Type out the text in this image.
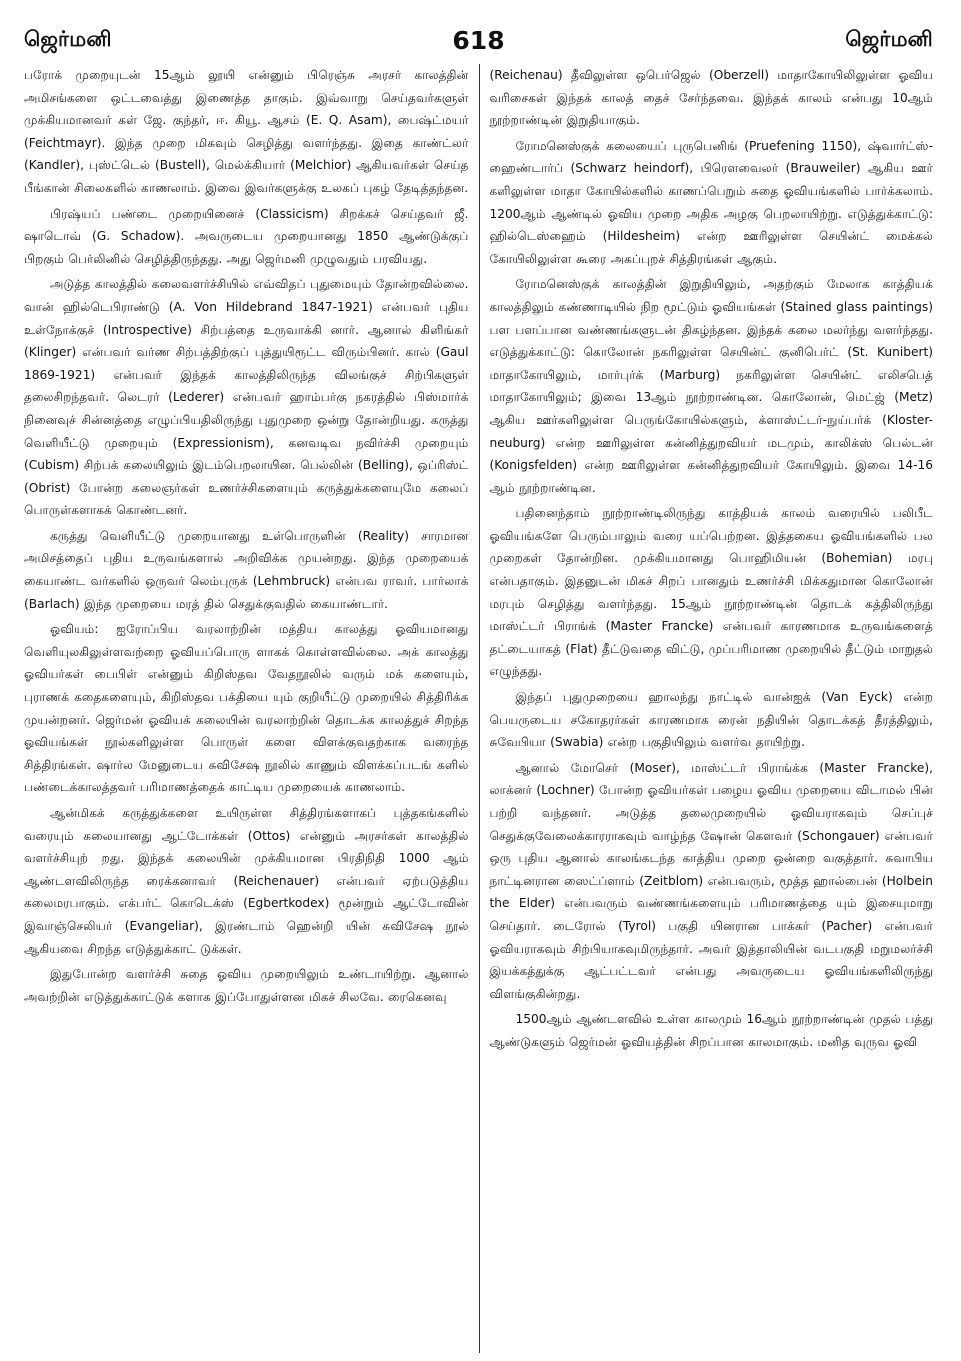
ஜெர்மனி	618	ஜெர்மனி

பரோக் முறையுடன் 15ஆம் லூயி என்னும் பிரெஞ்சு அரசர் காலத்தின் அமிசங்களை ஒட்டவைத்து இணைத்த தாகும். இவ்வாறு செய்தவர்களுள் முக்கியமானவர் கள் ஜே. குந்தர், ஈ. கியூ. ஆசம் (E. Q. Asam), பைஷ்ட்மயர் (Feichtmayr). இந்த முறை மிகவும் செழித்து வளர்ந்தது. இதை காண்ட்லர் (Kandler), புஸ்ட்டெல் (Bustell), மெல்க்கியார் (Melchior) ஆகியவர்கள் செய்த பீங்கான் சிலைகளில் காணலாம். இவை இவர்களுக்கு உலகப் புகழ் தேடித்தந்தன.

பிரஷ்யப் பண்டை முறையினைச் (Classicism) சிறக்கச் செய்தவர் ஜீ. ஷாடொவ் (G. Schadow). அவருடைய முறையானது 1850 ஆண்டுக்குப் பிறகும் பெர்லினில் செழித்திருந்தது. அது ஜெர்மனி முழுவதும் பரவியது.

அடுத்த காலத்தில் கலைவளர்ச்சியில் எவ்விதப் புதுமையும் தோன்றவில்லை. வான் ஹில்டெபிராண்டு (A. Von Hildebrand 1847-1921) என்பவர் புதிய உள்நோக்குச் (Introspective) சிற்பத்தை உருவாக்கி னார். ஆனால் கிளிங்கர் (Klinger) என்பவர் வர்ண சிற்பத்திற்குப் புத்துயிரூட்ட விரும்பினர். கால் (Gaul 1869-1921) என்பவர் இந்தக் காலத்திலிருந்த விலங்குச் சிற்பிகளுள் தலைசிறந்தவர். லெடரர் (Lederer) என்பவர் ஹாம்பர்கு நகரத்தில் பிஸ்மார்க் நினைவுச் சின்னத்தை எழுப்பியதிலிருந்து புதுமுறை ஒன்று தோன்றியது. கருத்து வெளியீட்டு முறையும் (Expressionism), கனவடிவ நவிர்ச்சி முறையும் (Cubism) சிற்பக் கலையிலும் இடம்பெறலாயின. பெல்லின் (Belling), ஒப்ரிஸ்ட் (Obrist) போன்ற கலைஞர்கள் உணர்ச்சிகளையும் கருத்துக்களையுமே கலைப் பொருள்களாகக் கொண்டனர்.

கருத்து வெளியீட்டு முறையானது உள்பொருளின் (Reality) சாரமான அமிசத்தைப் புதிய உருவங்களால் அறிவிக்க முயன்றது. இந்த முறையைக் கையாண்ட வர்களில் ஒருவர் லெம்புருக் (Lehmbruck) என்பவ ராவர். பார்லாக் (Barlach) இந்த முறையை மரத் தில் செதுக்குவதில் கையாண்டார்.

ஓவியம்: ஐரோப்பிய வரலாற்றின் மத்திய காலத்து ஓவியமானது வெளியுலகிலுள்ளவற்றை ஓவியப்பொரு ளாகக் கொள்ளவில்லை. அக் காலத்து ஓவியர்கள் பைபிள் என்னும் கிறிஸ்தவ வேதநூலில் வரும் மக் களையும், புராணக் கதைகளையும், கிறிஸ்தவ பக்தியை யும் குறியீட்டு முறையில் சித்திரிக்க முயன்றனர். ஜெர்மன் ஓவியக் கலையின் வரலாற்றின் தொடக்க காலத்துச் சிறந்த ஓவியங்கள் நூல்களிலுள்ள பொருள் களை விளக்குவதற்காக வரைந்த சித்திரங்கள். ஷார்ல மேனுடைய சுவிசேஷ நூலில் காணும் விளக்கப்படங் களில் பண்டைக்காலத்தவர் பரிமாணத்தைக் காட்டிய முறையைக் காணலாம்.

ஆன்மிகக் கருத்துக்களை உயிருள்ள சித்திரங்களாகப் புத்தகங்களில் வரையும் கலையானது ஆட்டோக்கள் (Ottos) என்னும் அரசர்கள் காலத்தில் வளர்ச்சியுற் றது. இந்தக் கலையின் முக்கியமான பிரதிநிதி 1000 ஆம் ஆண்டளவிலிருந்த ரைக்கனாவர் (Reichenauer) என்பவர் ஏற்படுத்திய கலைமரபாகும். எக்பர்ட் கொடெக்ஸ் (Egbertkodex) மூன்றும் ஆட்டோவின் இவாஞ்செலியர் (Evangeliar), இரண்டாம் ஹென்றி யின் சுவிசேஷ நூல் ஆகியவை சிறந்த எடுத்துக்காட் டுக்கள்.

இதுபோன்ற வளர்ச்சி சுதை ஓவிய முறையிலும் உண்டாயிற்று. ஆனால் அவற்றின் எடுத்துக்காட்டுக் களாக இப்போதுள்ளன மிகச் சிலவே. ரைகெனவு

(Reichenau) தீவிலுள்ள ஒபெர்ஜெல் (Oberzell) மாதாகோயிலிலுள்ள ஓவிய வரிசைகள் இந்தக் காலத் தைச் சேர்ந்தவை. இந்தக் காலம் என்பது 10ஆம் நூற்றாண்டின் இறுதியாகும்.

ரோமனெஸ்குக் கலையைப் புருபெனிங் (Pruefening 1150), ஷ்வார்ட்ஸ்-ஹைண்டார்ப் (Schwarz heindorf), பிரௌவைலர் (Brauweiler) ஆகிய ஊர் களிலுள்ள மாதா கோயில்களில் காணப்பெறும் சுதை ஓவியங்களில் பார்க்கலாம். 1200ஆம் ஆண்டில் ஓவிய முறை அதிக அழகு பெறலாயிற்று. எடுத்துக்காட்டு: ஹில்டெஸ்ஹைம் (Hildesheim) என்ற ஊரிலுள்ள செயின்ட் மைக்கல் கோயிலிலுள்ள கூரை அகப்புறச் சித்திரங்கள் ஆகும்.

ரோமனெஸ்குக் காலத்தின் இறுதியிலும், அதற்கும் மேலாக காத்தியக் காலத்திலும் கண்ணாடியில் நிற மூட்டும் ஓவியங்கள் (Stained glass paintings) பள பளப்பான வண்ணங்களுடன் திகழ்ந்தன. இந்தக் கலை மலர்ந்து வளர்ந்தது. எடுத்துக்காட்டு: கொலோன் நகரிலுள்ள செயின்ட் குனிபெர்ட் (St. Kunibert) மாதாகோயிலும், மார்புர்க் (Marburg) நகரிலுள்ள செயின்ட் எலிசபெத் மாதாகோயிலும்; இவை 13ஆம் நூற்றாண்டின. கொலோன், மெட்ஜ் (Metz) ஆகிய ஊர்களிலுள்ள பெருங்கோயில்களும், க்ளாஸ்ட்டர்-நுய்பர்க் (Kloster-neuburg) என்ற ஊரிலுள்ள கன்னித்துறவியர் மடமும், காலிக்ஸ் பெல்டன் (Konigsfelden) என்ற ஊரிலுள்ள கன்னித்துறவியர் கோயிலும். இவை 14-16 ஆம் நூற்றாண்டின.

பதினைந்தாம் நூற்றாண்டிலிருந்து காத்தியக் காலம் வரையில் பலிபீட ஓவியங்களே பெரும்பாலும் வரை யப்பெற்றன. இத்தகைய ஓவியங்களில் பல முறைகள் தோன்றின. முக்கியமானது பொஹிமியன் (Bohemian) மரபு என்பதாகும். இதனுடன் மிகச் சிறப் பானதும் உணர்ச்சி மிக்கதுமான கொலோன் மரபும் செழித்து வளர்ந்தது. 15ஆம் நூற்றாண்டின் தொடக் கத்திலிருந்து மாஸ்ட்டர் பிராங்க் (Master Francke) என்பவர் காரணமாக உருவங்களைத் தட்டையாகத் (Flat) தீட்டுவதை விட்டு, முப்பரிமாண முறையில் தீட்டும் மாறுதல் எழுந்தது.

இந்தப் புதுமுறையை ஹாலந்து நாட்டில் வான்ஐக் (Van Eyck) என்ற பெயருடைய சகோதரர்கள் காரணமாக ரைன் நதியின் தொடக்கத் தீரத்திலும், சுவேபியா (Swabia) என்ற பகுதியிலும் வளர்வ தாயிற்று.

ஆனால் மோசெர் (Moser), மாஸ்ட்டர் பிராங்க்க (Master Francke), லாக்னர் (Lochner) போன்ற ஓவியர்கள் பழைய ஓவிய முறையை விடாமல் பின் பற்றி வந்தனர். அடுத்த தலைமுறையில் ஓவியராகவும் செப்புச் செதுக்குவேலைக்காரராகவும் வாழ்ந்த ஷோன் கௌவர் (Schongauer) என்பவர் ஒரு புதிய ஆனால் காலங்கடந்த காத்திய முறை ஒன்றை வகுத்தார். சுவாபிய நாட்டினரான ஸைட்ப்ளாம் (Zeitblom) என்பவரும், மூத்த ஹால்பைன் (Holbein the Elder) என்பவரும் வண்ணங்களையும் பரிமாணத்தை யும் இசையுமாறு செய்தார். டைரோல் (Tyrol) பகுதி யினரான பாக்கர் (Pacher) என்பவர் ஓவியராகவும் சிற்பியாகவுமிருந்தார். அவர் இத்தாலியின் வடபகுதி மறுமலர்ச்சி இயக்கத்துக்கு ஆட்பட்டவர் என்பது அவருடைய ஓவியங்களிலிருந்து விளங்குகின்றது.

1500ஆம் ஆண்டளவில் உள்ள காலமும் 16ஆம் நூற்றாண்டின் முதல் பத்து ஆண்டுகளும் ஜெர்மன் ஓவியத்தின் சிறப்பான காலமாகும். மனித வுருவ ஓவி
